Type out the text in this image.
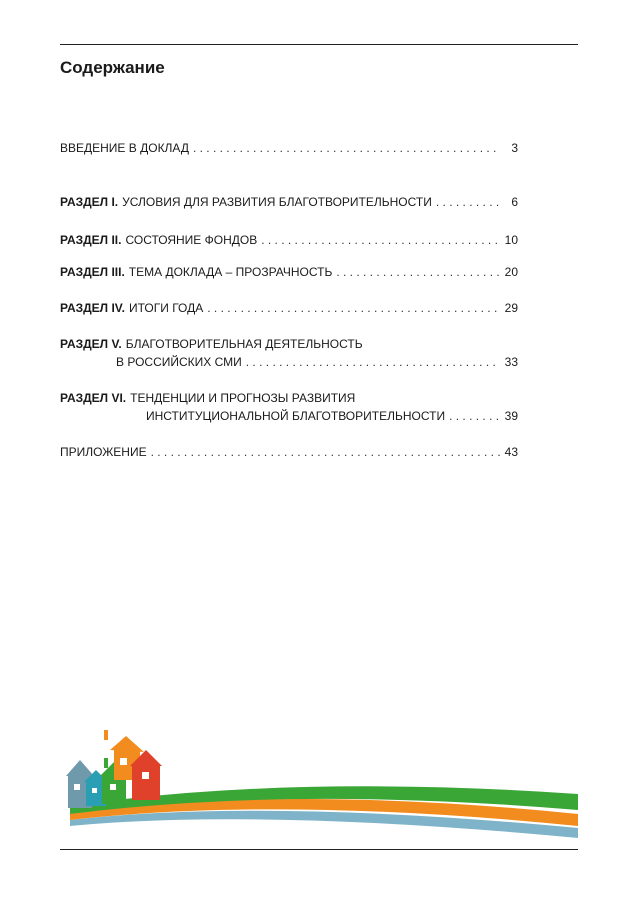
Содержание
ВВЕДЕНИЕ В ДОКЛАД . . .	3
РАЗДЕЛ I. УСЛОВИЯ ДЛЯ РАЗВИТИЯ БЛАГОТВОРИТЕЛЬНОСТИ . . .	6
РАЗДЕЛ II. СОСТОЯНИЕ ФОНДОВ . . .	10
РАЗДЕЛ III. ТЕМА ДОКЛАДА – ПРОЗРАЧНОСТЬ . . .	20
РАЗДЕЛ IV. ИТОГИ ГОДА . . .	29
РАЗДЕЛ V. БЛАГОТВОРИТЕЛЬНАЯ ДЕЯТЕЛЬНОСТЬ
В РОССИЙСКИХ СМИ . . .	33
РАЗДЕЛ VI. ТЕНДЕНЦИИ И ПРОГНОЗЫ РАЗВИТИЯ
ИНСТИТУЦИОНАЛЬНОЙ БЛАГОТВОРИТЕЛЬНОСТИ . . .	39
ПРИЛОЖЕНИЕ . . .	43
